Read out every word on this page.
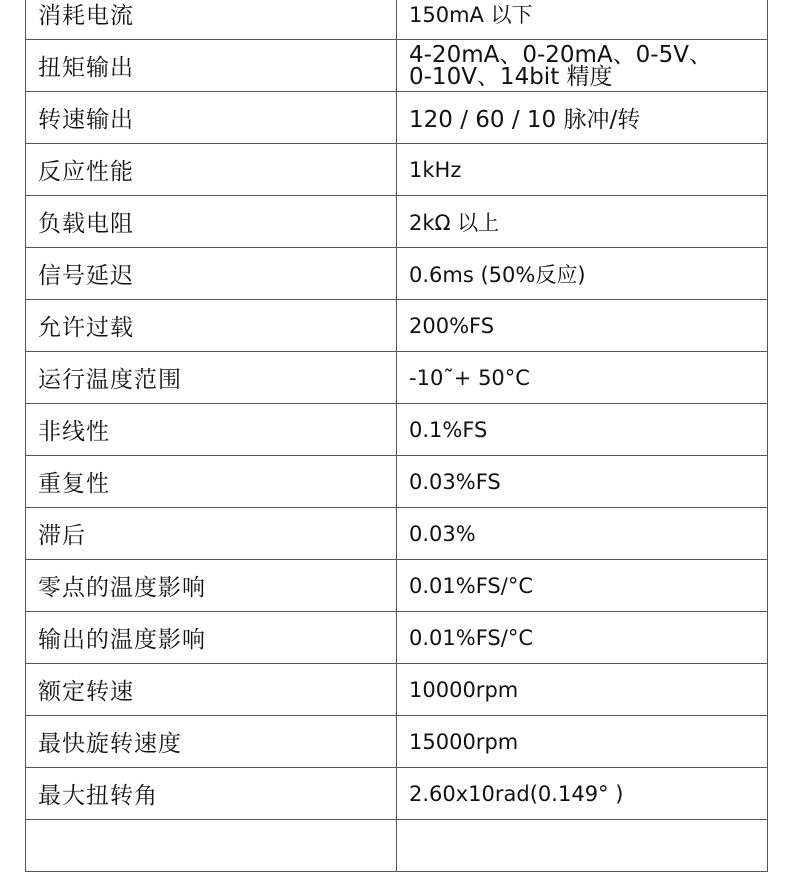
消耗电流	150mA 以下
扭矩输出	4-20mA、0-20mA、0-5V、
0-10V、14bit 精度
转速输出	120 / 60 / 10 脉冲/转
反应性能	1kHz
负载电阻	2kΩ 以上
信号延迟	0.6ms (50%反应)
允许过载	200%FS
运行温度范围	-10˜+ 50°C
非线性	0.1%FS
重复性	0.03%FS
滞后	0.03%
零点的温度影响	0.01%FS/°C
输出的温度影响	0.01%FS/°C
额定转速	10000rpm
最快旋转速度	15000rpm
最大扭转角	2.60x10rad(0.149° )
